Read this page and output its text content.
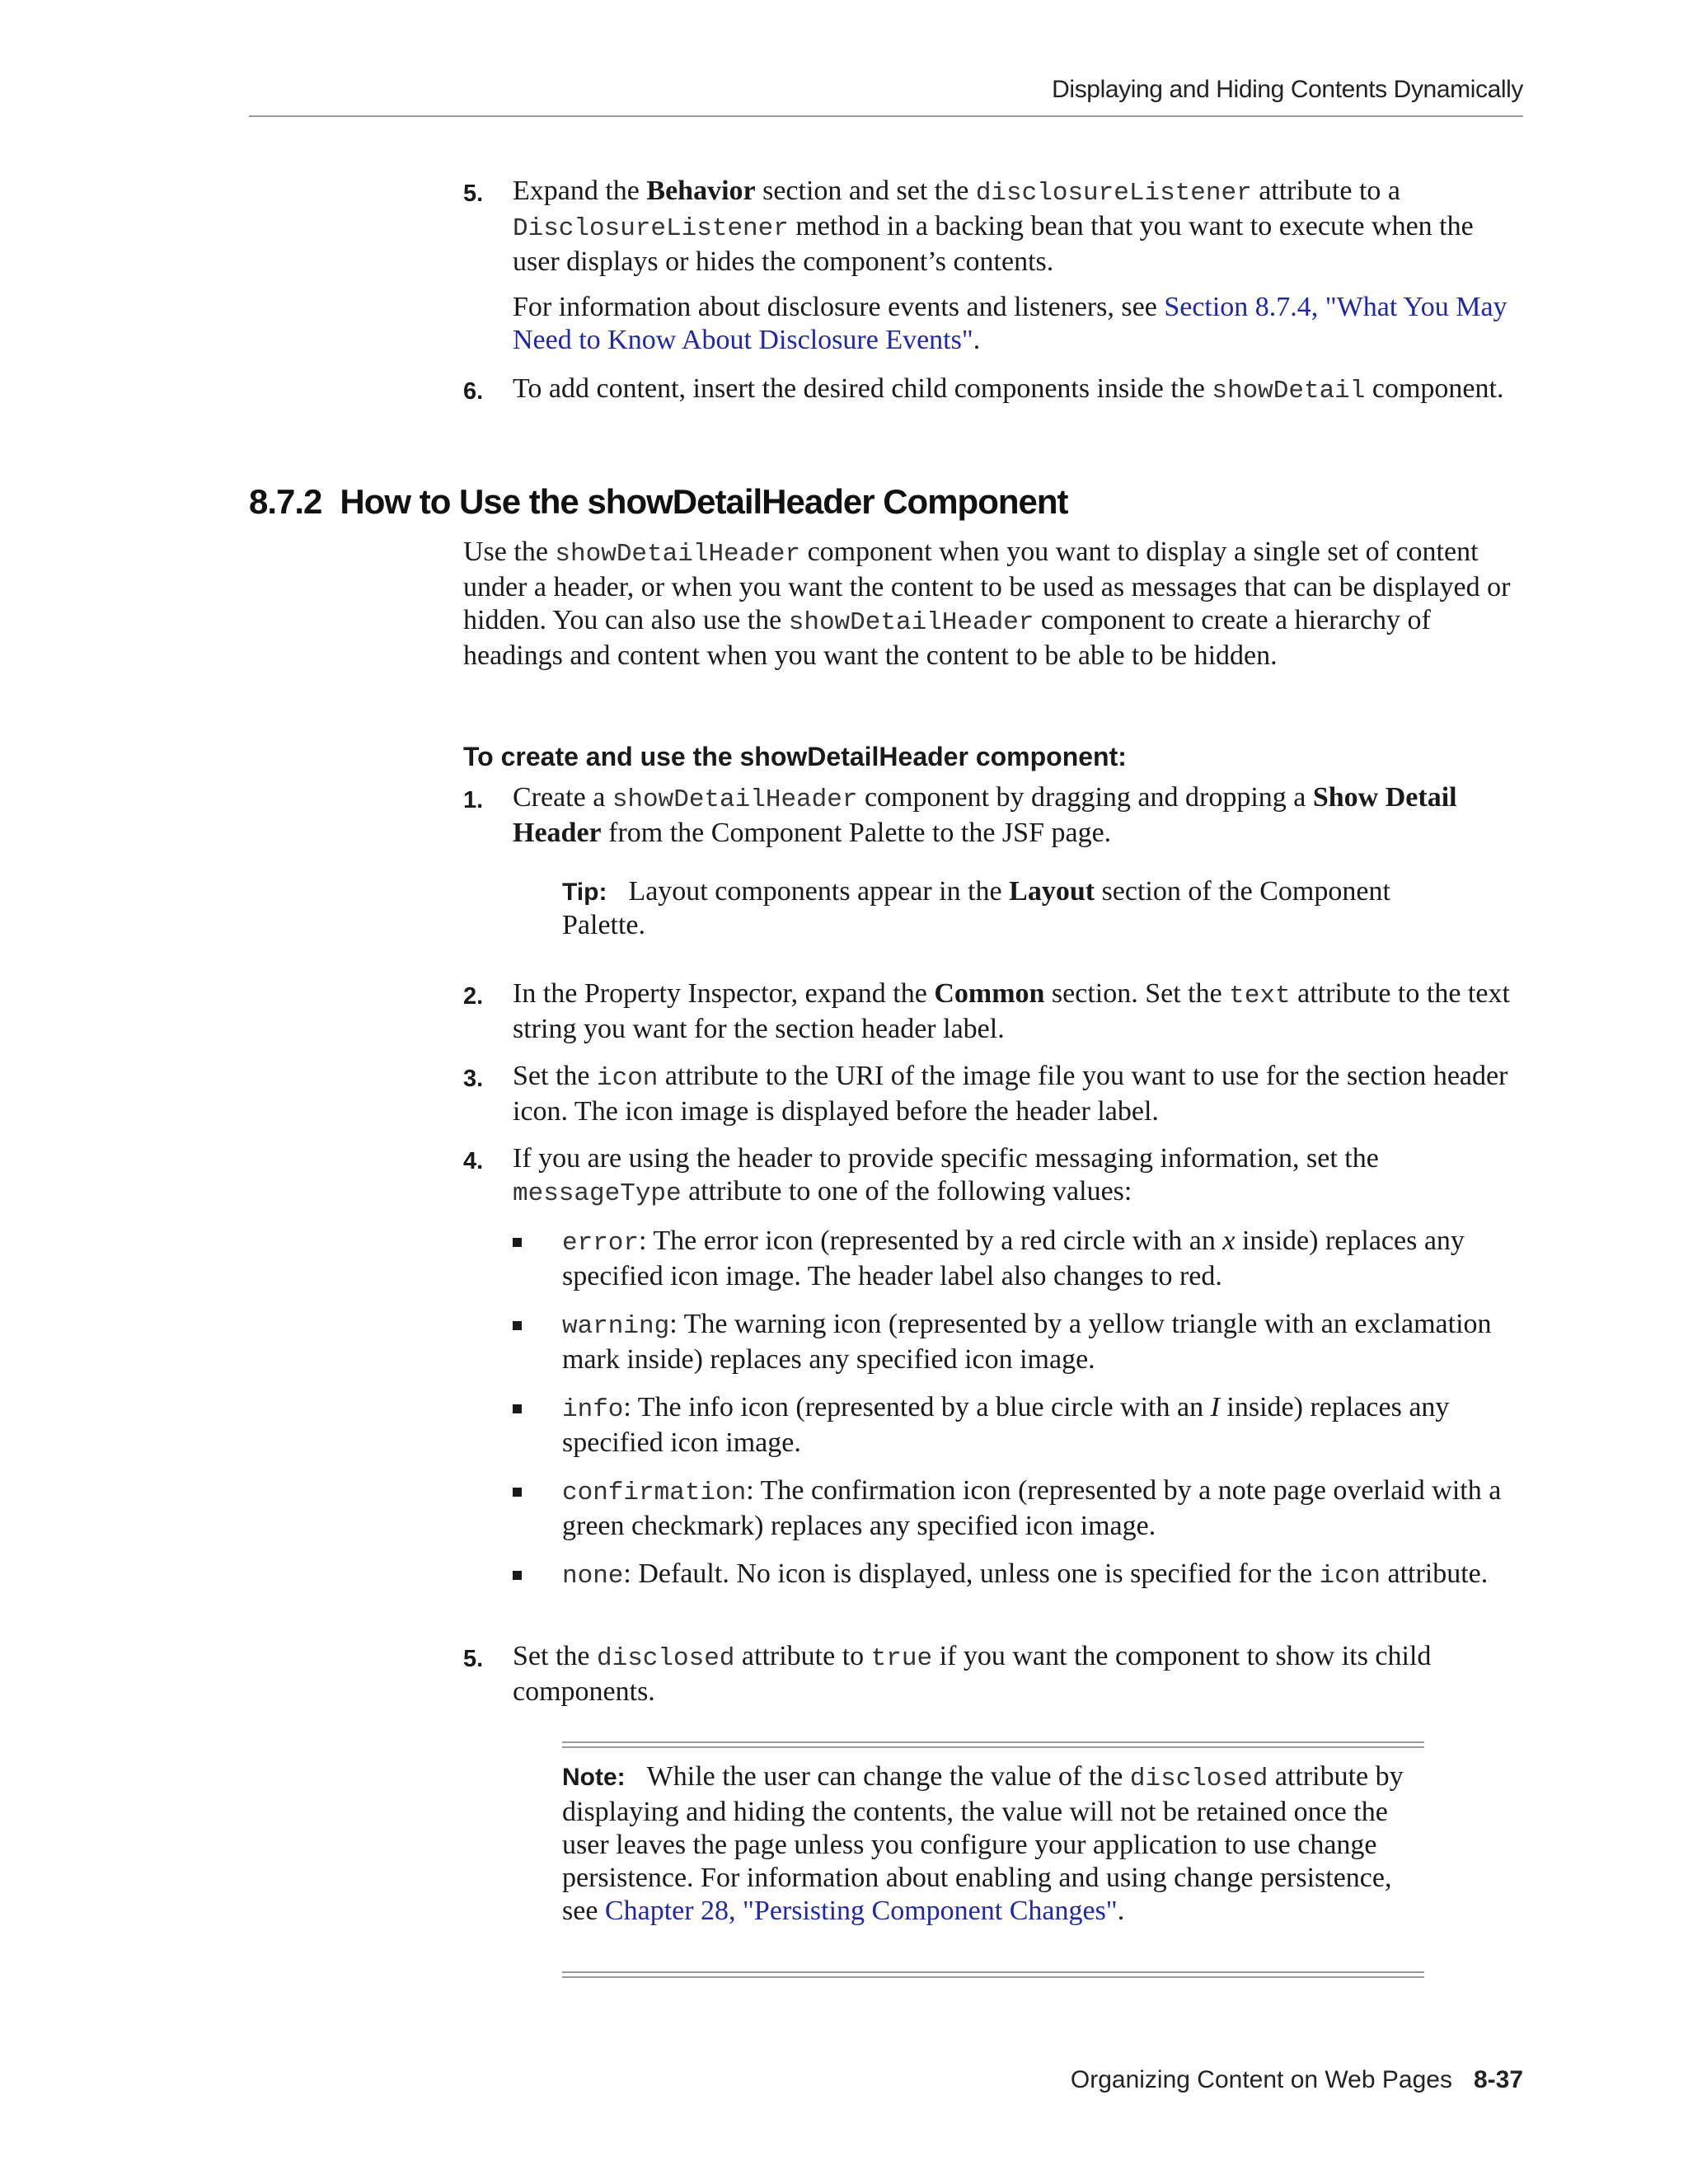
Displaying and Hiding Contents Dynamically
5.	Expand the Behavior section and set the disclosureListener attribute to a DisclosureListener method in a backing bean that you want to execute when the user displays or hides the component’s contents.
For information about disclosure events and listeners, see Section 8.7.4, "What You May Need to Know About Disclosure Events".
6.	To add content, insert the desired child components inside the showDetail component.
8.7.2 How to Use the showDetailHeader Component
Use the showDetailHeader component when you want to display a single set of content under a header, or when you want the content to be used as messages that can be displayed or hidden. You can also use the showDetailHeader component to create a hierarchy of headings and content when you want the content to be able to be hidden.
To create and use the showDetailHeader component:
1.	Create a showDetailHeader component by dragging and dropping a Show Detail Header from the Component Palette to the JSF page.
Tip: Layout components appear in the Layout section of the Component Palette.
2.	In the Property Inspector, expand the Common section. Set the text attribute to the text string you want for the section header label.
3.	Set the icon attribute to the URI of the image file you want to use for the section header icon. The icon image is displayed before the header label.
4.	If you are using the header to provide specific messaging information, set the messageType attribute to one of the following values:
error: The error icon (represented by a red circle with an x inside) replaces any specified icon image. The header label also changes to red.
warning: The warning icon (represented by a yellow triangle with an exclamation mark inside) replaces any specified icon image.
info: The info icon (represented by a blue circle with an I inside) replaces any specified icon image.
confirmation: The confirmation icon (represented by a note page overlaid with a green checkmark) replaces any specified icon image.
none: Default. No icon is displayed, unless one is specified for the icon attribute.
5.	Set the disclosed attribute to true if you want the component to show its child components.
Note: While the user can change the value of the disclosed attribute by displaying and hiding the contents, the value will not be retained once the user leaves the page unless you configure your application to use change persistence. For information about enabling and using change persistence, see Chapter 28, "Persisting Component Changes".
Organizing Content on Web Pages 8-37
